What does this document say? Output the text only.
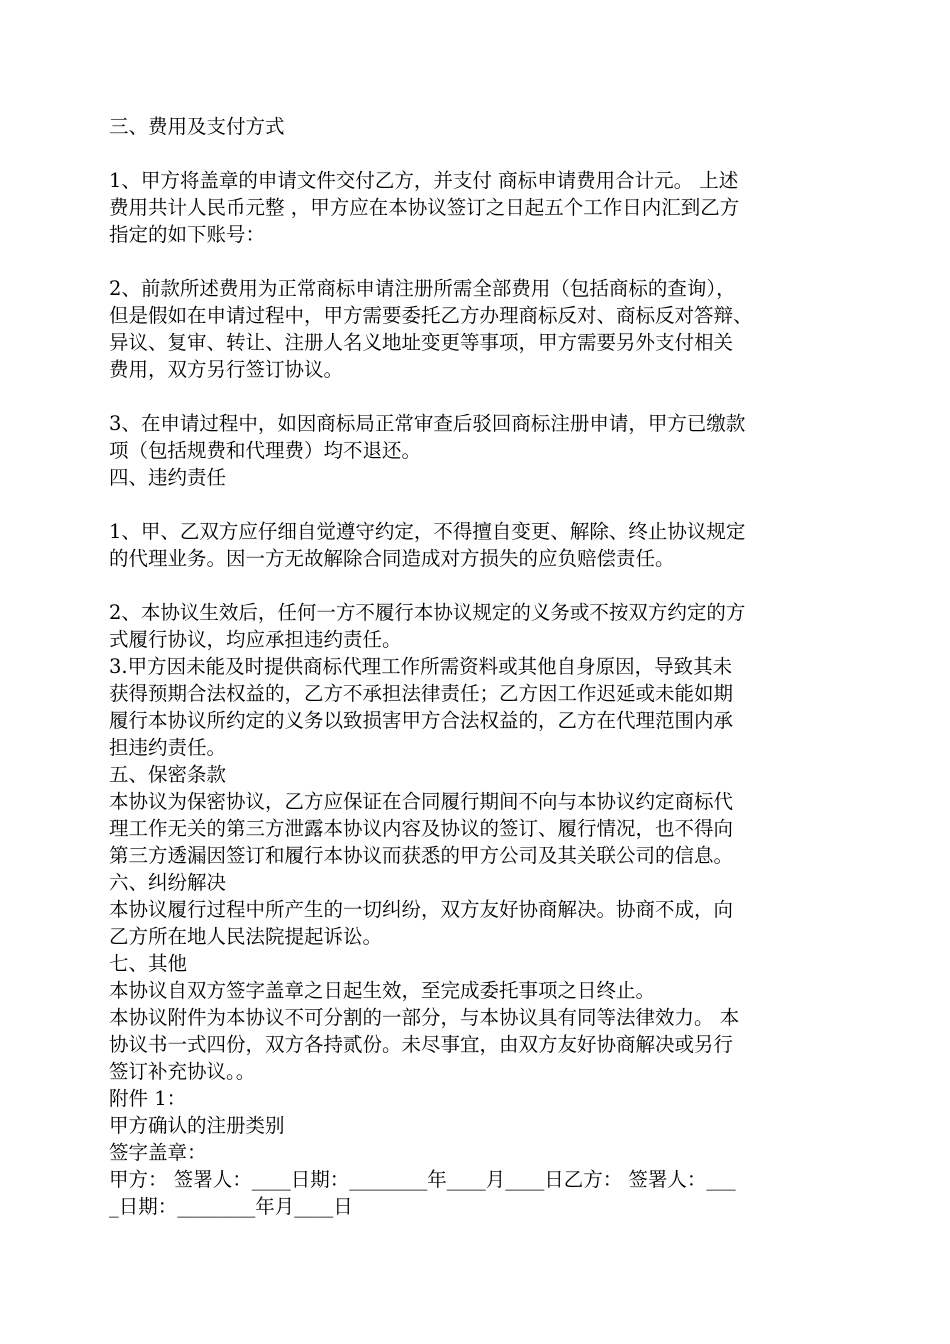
三、费用及支付方式
1、甲方将盖章的申请文件交付乙方，并支付 商标申请费用合计元。 上述
费用共计人民币元整 ，甲方应在本协议签订之日起五个工作日内汇到乙方
指定的如下账号：
2、前款所述费用为正常商标申请注册所需全部费用（包括商标的查询），
但是假如在申请过程中，甲方需要委托乙方办理商标反对、商标反对答辩、
异议、复审、转让、注册人名义地址变更等事项，甲方需要另外支付相关
费用，双方另行签订协议。
3、在申请过程中，如因商标局正常审查后驳回商标注册申请，甲方已缴款
项（包括规费和代理费）均不退还。
四、违约责任
1、甲、乙双方应仔细自觉遵守约定，不得擅自变更、解除、终止协议规定
的代理业务。因一方无故解除合同造成对方损失的应负赔偿责任。
2、本协议生效后，任何一方不履行本协议规定的义务或不按双方约定的方
式履行协议，均应承担违约责任。
3.甲方因未能及时提供商标代理工作所需资料或其他自身原因，导致其未
获得预期合法权益的，乙方不承担法律责任；乙方因工作迟延或未能如期
履行本协议所约定的义务以致损害甲方合法权益的，乙方在代理范围内承
担违约责任。
五、保密条款
本协议为保密协议，乙方应保证在合同履行期间不向与本协议约定商标代
理工作无关的第三方泄露本协议内容及协议的签订、履行情况，也不得向
第三方透漏因签订和履行本协议而获悉的甲方公司及其关联公司的信息。
六、纠纷解决
本协议履行过程中所产生的一切纠纷，双方友好协商解决。协商不成，向
乙方所在地人民法院提起诉讼。
七、其他
本协议自双方签字盖章之日起生效，至完成委托事项之日终止。
本协议附件为本协议不可分割的一部分，与本协议具有同等法律效力。 本
协议书一式四份，双方各持贰份。未尽事宜，由双方友好协商解决或另行
签订补充协议。。
附件 1：
甲方确认的注册类别
签字盖章：
甲方： 签署人：____日期：________年____月____日乙方： 签署人：___
_日期：________年月____日
